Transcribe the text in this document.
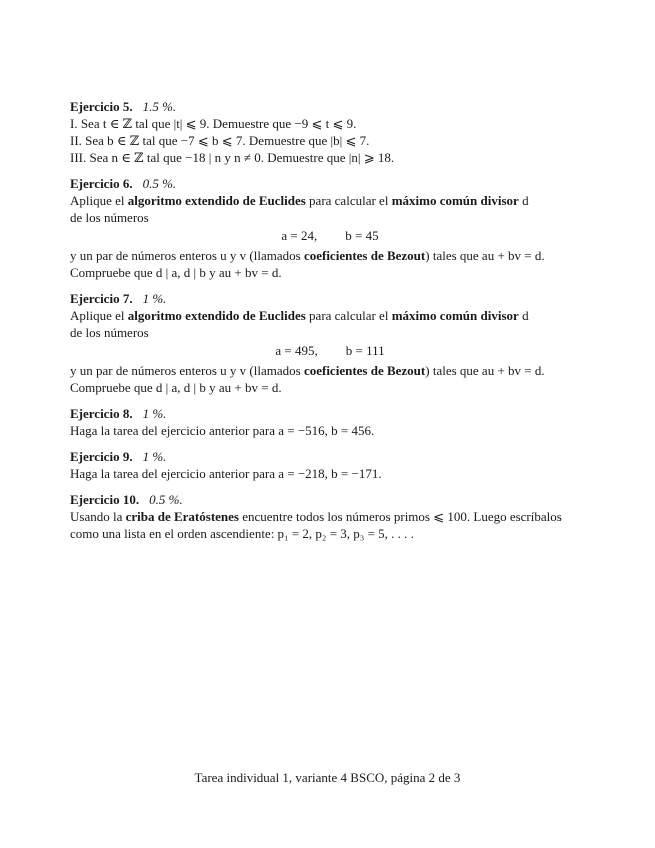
Ejercicio 5. 1.5 %.
I. Sea t ∈ ℤ tal que |t| ⩽ 9. Demuestre que −9 ⩽ t ⩽ 9.
II. Sea b ∈ ℤ tal que −7 ⩽ b ⩽ 7. Demuestre que |b| ⩽ 7.
III. Sea n ∈ ℤ tal que −18 | n y n ≠ 0. Demuestre que |n| ⩾ 18.
Ejercicio 6. 0.5 %.
Aplique el algoritmo extendido de Euclides para calcular el máximo común divisor d
de los números
a = 24, b = 45
y un par de números enteros u y v (llamados coeficientes de Bezout) tales que au + bv = d.
Compruebe que d | a, d | b y au + bv = d.
Ejercicio 7. 1 %.
Aplique el algoritmo extendido de Euclides para calcular el máximo común divisor d
de los números
a = 495, b = 111
y un par de números enteros u y v (llamados coeficientes de Bezout) tales que au + bv = d.
Compruebe que d | a, d | b y au + bv = d.
Ejercicio 8. 1 %.
Haga la tarea del ejercicio anterior para a = −516, b = 456.
Ejercicio 9. 1 %.
Haga la tarea del ejercicio anterior para a = −218, b = −171.
Ejercicio 10. 0.5 %.
Usando la criba de Eratóstenes encuentre todos los números primos ⩽ 100. Luego escríbalos
como una lista en el orden ascendiente: p₁ = 2, p₂ = 3, p₃ = 5, . . . .
Tarea individual 1, variante 4 BSCO, página 2 de 3
